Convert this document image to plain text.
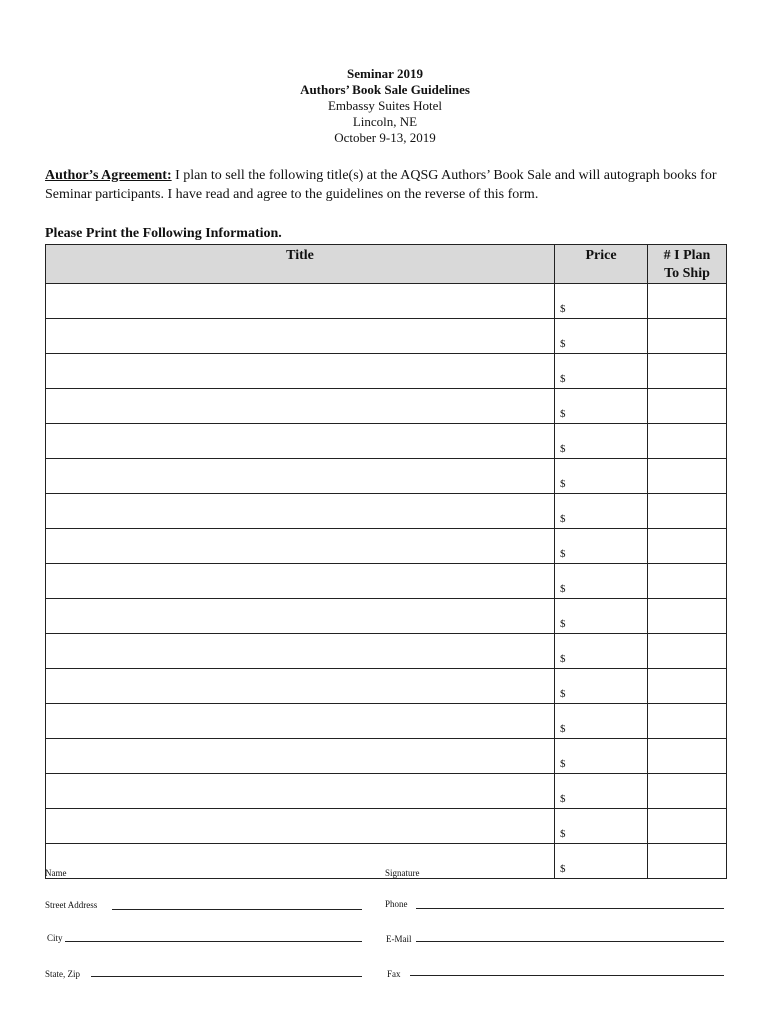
Seminar 2019
Authors’ Book Sale Guidelines
Embassy Suites Hotel
Lincoln, NE
October 9-13, 2019
Author’s Agreement: I plan to sell the following title(s) at the AQSG Authors’ Book Sale and will autograph books for Seminar participants. I have read and agree to the guidelines on the reverse of this form.
Please Print the Following Information.
Title	Price	# I Plan
To Ship
	$	
	$	
	$	
	$	
	$	
	$	
	$	
	$	
	$	
	$	
	$	
	$	
	$	
	$	
	$	
	$	
	$	
Name	Signature
Street Address	Phone
City	E-Mail
State, Zip	Fax
